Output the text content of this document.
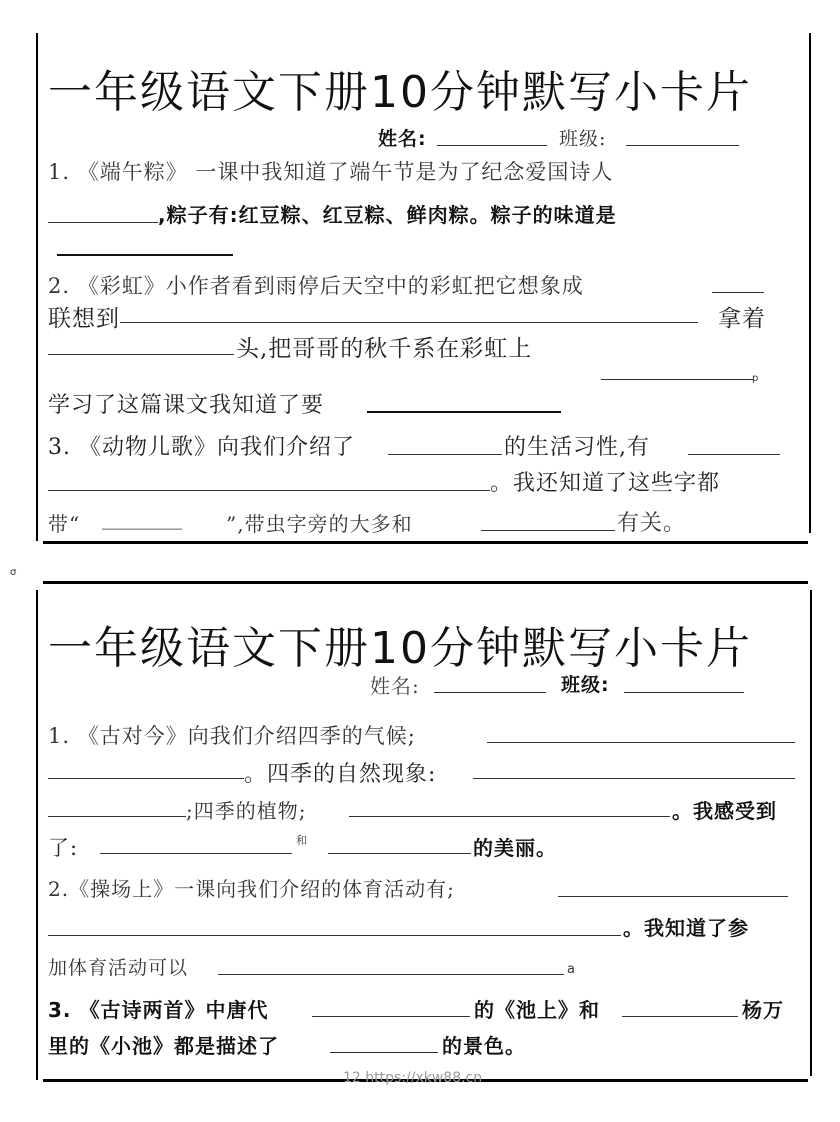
一年级语文下册10分钟默写小卡片
姓名:	班级:
1. 《端午粽》 一课中我知道了端午节是为了纪念爱国诗人
,粽子有:红豆粽、红豆粽、鲜肉粽。粽子的味道是
2. 《彩虹》小作者看到雨停后天空中的彩虹把它想象成
联想到	拿着
头,把哥哥的秋千系在彩虹上
p
学习了这篇课文我知道了要
3. 《动物儿歌》向我们介绍了	的生活习性,有
。我还知道了这些字都
带“ ________ ”,带虫字旁的大多和	有关。
σ
一年级语文下册10分钟默写小卡片
姓名:	班级:
1. 《古对今》向我们介绍四季的气候;
。四季的自然现象:
;四季的植物;	。我感受到
了:	和	的美丽。
2.《操场上》一课向我们介绍的体育活动有;
。我知道了参
加体育活动可以	a
3. 《古诗两首》中唐代	的《池上》和	杨万
里的《小池》都是描述了	的景色。
12 https://xkw88.cn
